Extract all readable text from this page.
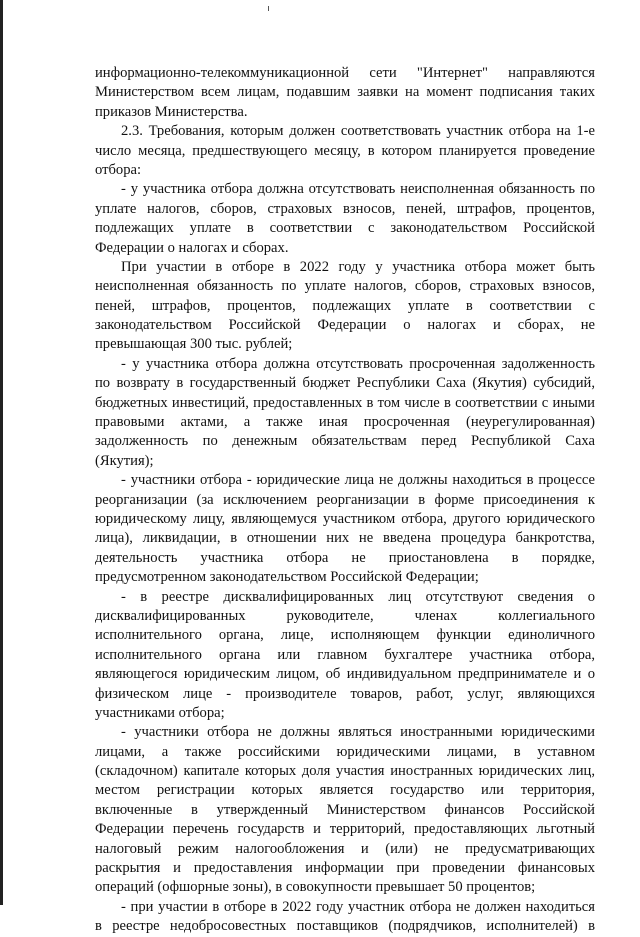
информационно-телекоммуникационной сети "Интернет" направляются
Министерством всем лицам, подавшим заявки на момент подписания таких
приказов Министерства.
2.3. Требования, которым должен соответствовать участник отбора на 1-е
число месяца, предшествующего месяцу, в котором планируется проведение
отбора:
- у участника отбора должна отсутствовать неисполненная обязанность по
уплате налогов, сборов, страховых взносов, пеней, штрафов, процентов,
подлежащих уплате в соответствии с законодательством Российской
Федерации о налогах и сборах.
При участии в отборе в 2022 году у участника отбора может быть
неисполненная обязанность по уплате налогов, сборов, страховых взносов,
пеней, штрафов, процентов, подлежащих уплате в соответствии с
законодательством Российской Федерации о налогах и сборах, не
превышающая 300 тыс. рублей;
- у участника отбора должна отсутствовать просроченная задолженность
по возврату в государственный бюджет Республики Саха (Якутия) субсидий,
бюджетных инвестиций, предоставленных в том числе в соответствии с иными
правовыми актами, а также иная просроченная (неурегулированная)
задолженность по денежным обязательствам перед Республикой Саха
(Якутия);
- участники отбора - юридические лица не должны находиться в процессе
реорганизации (за исключением реорганизации в форме присоединения к
юридическому лицу, являющемуся участником отбора, другого юридического
лица), ликвидации, в отношении них не введена процедура банкротства,
деятельность участника отбора не приостановлена в порядке,
предусмотренном законодательством Российской Федерации;
- в реестре дисквалифицированных лиц отсутствуют сведения о
дисквалифицированных руководителе, членах коллегиального
исполнительного органа, лице, исполняющем функции единоличного
исполнительного органа или главном бухгалтере участника отбора,
являющегося юридическим лицом, об индивидуальном предпринимателе и о
физическом лице - производителе товаров, работ, услуг, являющихся
участниками отбора;
- участники отбора не должны являться иностранными юридическими
лицами, а также российскими юридическими лицами, в уставном
(складочном) капитале которых доля участия иностранных юридических лиц,
местом регистрации которых является государство или территория,
включенные в утвержденный Министерством финансов Российской
Федерации перечень государств и территорий, предоставляющих льготный
налоговый режим налогообложения и (или) не предусматривающих
раскрытия и предоставления информации при проведении финансовых
операций (офшорные зоны), в совокупности превышает 50 процентов;
- при участии в отборе в 2022 году участник отбора не должен находиться
в реестре недобросовестных поставщиков (подрядчиков, исполнителей) в
